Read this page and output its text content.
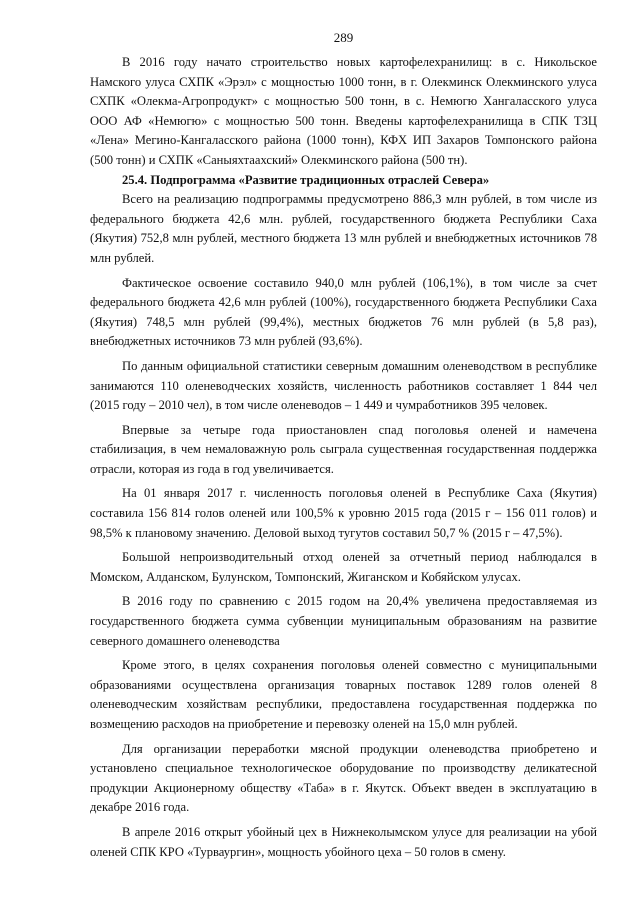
289

В 2016 году начато строительство новых картофелехранилищ: в с. Никольское Намского улуса СХПК «Эрэл» с мощностью 1000 тонн, в г. Олекминск Олекминского улуса СХПК «Олекма-Агропродукт» с мощностью 500 тонн, в с. Немюгю Хангаласского улуса ООО АФ «Немюгю» с мощностью 500 тонн. Введены картофелехранилища в СПК ТЗЦ «Лена» Мегино-Кангаласского района (1000 тонн), КФХ ИП Захаров Томпонского района (500 тонн) и СХПК «Саныяхтаахский» Олекминского района (500 тн).

25.4. Подпрограмма «Развитие традиционных отраслей Севера»

Всего на реализацию подпрограммы предусмотрено 886,3 млн рублей, в том числе из федерального бюджета 42,6 млн. рублей, государственного бюджета Республики Саха (Якутия) 752,8 млн рублей, местного бюджета 13 млн рублей и внебюджетных источников 78 млн рублей.

Фактическое освоение составило 940,0 млн рублей (106,1%), в том числе за счет федерального бюджета 42,6 млн рублей (100%), государственного бюджета Республики Саха (Якутия) 748,5 млн рублей (99,4%), местных бюджетов 76 млн рублей (в 5,8 раз), внебюджетных источников 73 млн рублей (93,6%).

По данным официальной статистики северным домашним оленеводством в республике занимаются 110 оленеводческих хозяйств, численность работников составляет 1 844 чел (2015 году – 2010 чел), в том числе оленеводов – 1 449 и чумработников 395 человек.

Впервые за четыре года приостановлен спад поголовья оленей и намечена стабилизация, в чем немаловажную роль сыграла существенная государственная поддержка отрасли, которая из года в год увеличивается.

На 01 января 2017 г. численность поголовья оленей в Республике Саха (Якутия) составила 156 814 голов оленей или 100,5% к уровню 2015 года (2015 г – 156 011 голов) и 98,5% к плановому значению. Деловой выход тугутов составил 50,7 % (2015 г – 47,5%).

Большой непроизводительный отход оленей за отчетный период наблюдался в Момском, Алданском, Булунском, Томпонский, Жиганском и Кобяйском улусах.

В 2016 году по сравнению с 2015 годом на 20,4% увеличена предоставляемая из государственного бюджета сумма субвенции муниципальным образованиям на развитие северного домашнего оленеводства

Кроме этого, в целях сохранения поголовья оленей совместно с муниципальными образованиями осуществлена организация товарных поставок 1289 голов оленей 8 оленеводческим хозяйствам республики, предоставлена государственная поддержка по возмещению расходов на приобретение и перевозку оленей на 15,0 млн рублей.

Для организации переработки мясной продукции оленеводства приобретено и установлено специальное технологическое оборудование по производству деликатесной продукции Акционерному обществу «Таба» в г. Якутск. Объект введен в эксплуатацию в декабре 2016 года.

В апреле 2016 открыт убойный цех в Нижнеколымском улусе для реализации на убой оленей СПК КРО «Турваургин», мощность убойного цеха – 50 голов в смену.
